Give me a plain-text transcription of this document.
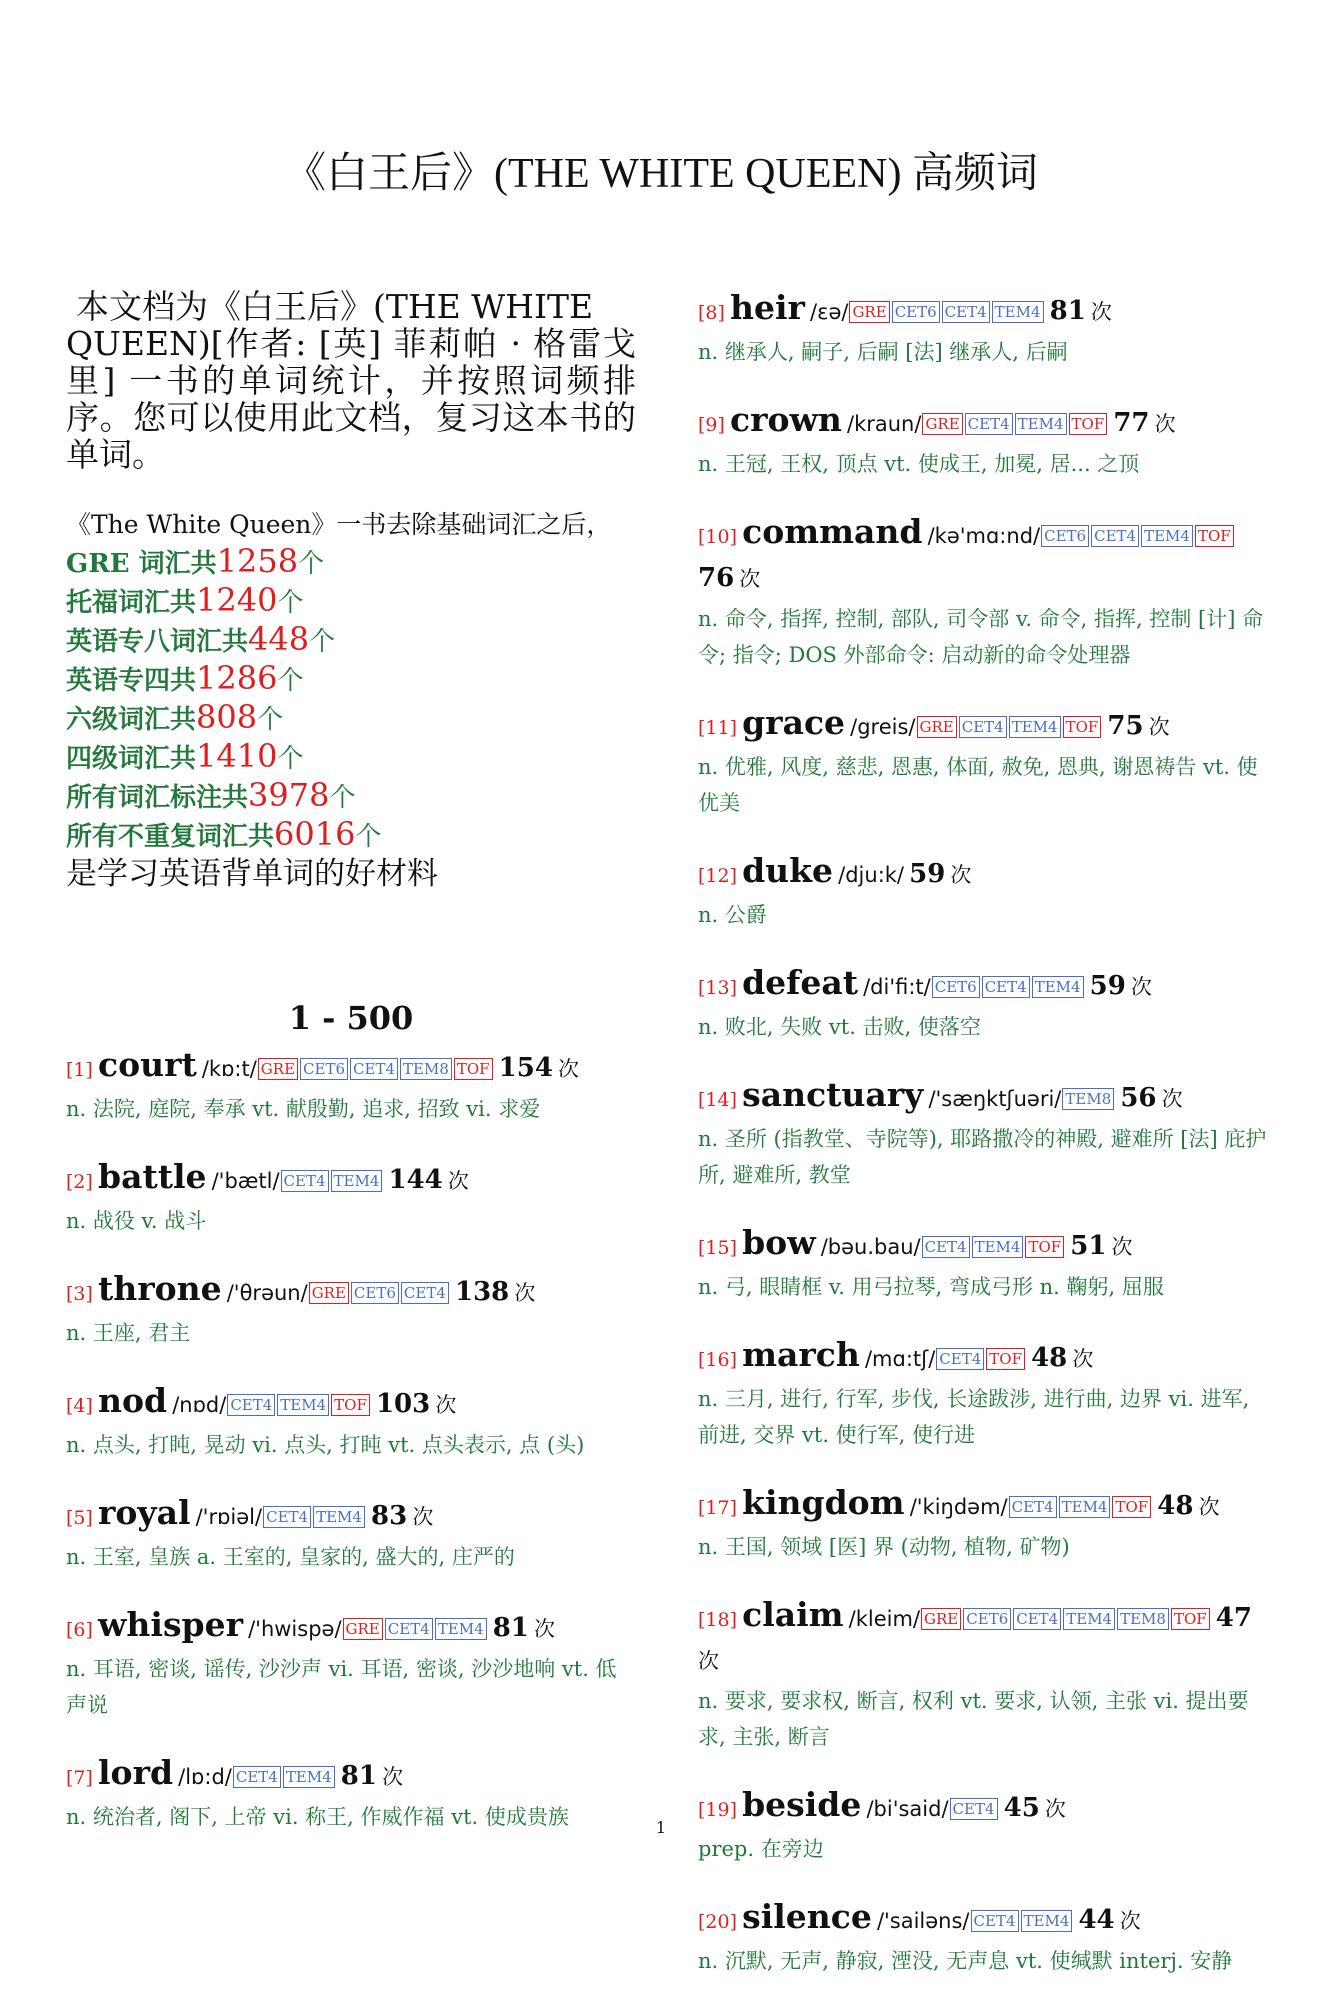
《白王后》(THE WHITE QUEEN) 高频词

本文档为《白王后》(THE WHITE

QUEEN)[作者: [英] 菲莉帕 · 格雷戈里] 一书的单词统计，并按照词频排序。您可以使用此文档，复习这本书的单词。

《The White Queen》一书去除基础词汇之后，
GRE 词汇共1258个
托福词汇共1240个
英语专八词汇共448个
英语专四共1286个
六级词汇共808个
四级词汇共1410个
所有词汇标注共3978个
所有不重复词汇共6016个
是学习英语背单词的好材料
1 - 500
[1] court /kɒ:t/ GRE CET6 CET4 TEM8 TOF 154 次
n. 法院, 庭院, 奉承 vt. 献殷勤, 追求, 招致 vi. 求爱
[2] battle /'bætl/ CET4 TEM4 144 次
n. 战役 v. 战斗
[3] throne /'θrəun/ GRE CET6 CET4 138 次
n. 王座, 君主
[4] nod /nɒd/ CET4 TEM4 TOF 103 次
n. 点头, 打盹, 晃动 vi. 点头, 打盹 vt. 点头表示, 点 (头)
[5] royal /'rɒiəl/ CET4 TEM4 83 次
n. 王室, 皇族 a. 王室的, 皇家的, 盛大的, 庄严的
[6] whisper /'hwispə/ GRE CET4 TEM4 81 次
n. 耳语, 密谈, 谣传, 沙沙声 vi. 耳语, 密谈, 沙沙地响 vt. 低声说
[7] lord /lɒ:d/ CET4 TEM4 81 次
n. 统治者, 阁下, 上帝 vi. 称王, 作威作福 vt. 使成贵族
[8] heir /εə/ GRE CET6 CET4 TEM4 81 次
n. 继承人, 嗣子, 后嗣 [法] 继承人, 后嗣
[9] crown /kraun/ GRE CET4 TEM4 TOF 77 次
n. 王冠, 王权, 顶点 vt. 使成王, 加冕, 居... 之顶
[10] command /kə'mɑ:nd/ CET6 CET4 TEM4 TOF 76 次
n. 命令, 指挥, 控制, 部队, 司令部 v. 命令, 指挥, 控制 [计] 命令; 指令; DOS 外部命令: 启动新的命令处理器
[11] grace /greis/ GRE CET4 TEM4 TOF 75 次
n. 优雅, 风度, 慈悲, 恩惠, 体面, 赦免, 恩典, 谢恩祷告 vt. 使优美
[12] duke /dju:k/ 59 次
n. 公爵
[13] defeat /di'fi:t/ CET6 CET4 TEM4 59 次
n. 败北, 失败 vt. 击败, 使落空
[14] sanctuary /'sæŋktʃuəri/ TEM8 56 次
n. 圣所 (指教堂、寺院等), 耶路撒冷的神殿, 避难所 [法] 庇护所, 避难所, 教堂
[15] bow /bəu.bau/ CET4 TEM4 TOF 51 次
n. 弓, 眼睛框 v. 用弓拉琴, 弯成弓形 n. 鞠躬, 屈服
[16] march /mɑ:tʃ/ CET4 TOF 48 次
n. 三月, 进行, 行军, 步伐, 长途跋涉, 进行曲, 边界 vi. 进军, 前进, 交界 vt. 使行军, 使行进
[17] kingdom /'kiŋdəm/ CET4 TEM4 TOF 48 次
n. 王国, 领域 [医] 界 (动物, 植物, 矿物)
[18] claim /kleim/ GRE CET6 CET4 TEM4 TEM8 TOF 47 次
n. 要求, 要求权, 断言, 权利 vt. 要求, 认领, 主张 vi. 提出要求, 主张, 断言
[19] beside /bi'said/ CET4 45 次
prep. 在旁边
[20] silence /'sailəns/ CET4 TEM4 44 次
n. 沉默, 无声, 静寂, 湮没, 无声息 vt. 使缄默 interj. 安静
1
